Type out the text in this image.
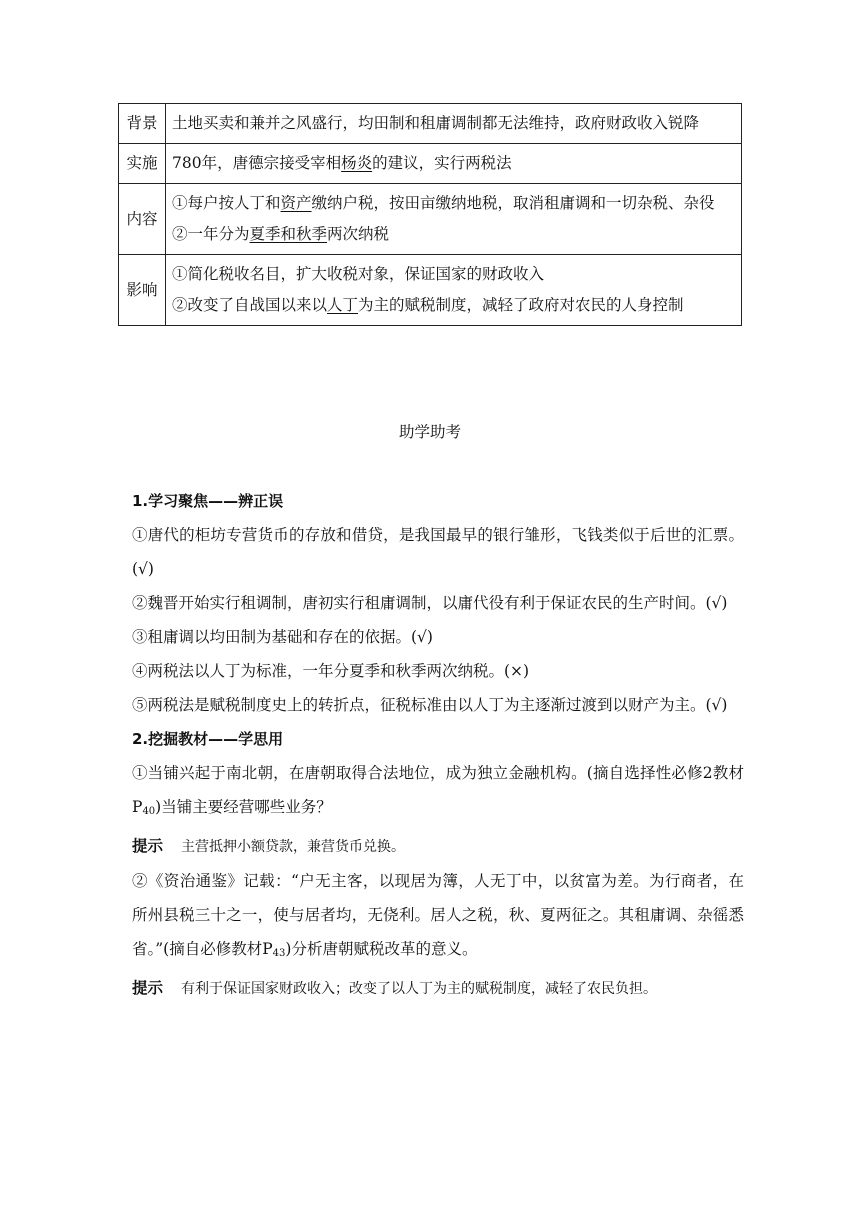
背景	土地买卖和兼并之风盛行，均田制和租庸调制都无法维持，政府财政收入锐降
实施	780年，唐德宗接受宰相杨炎的建议，实行两税法
内容	①每户按人丁和资产缴纳户税，按田亩缴纳地税，取消租庸调和一切杂税、杂役
②一年分为夏季和秋季两次纳税

影响	①简化税收名目，扩大收税对象，保证国家的财政收入
②改变了自战国以来以人丁为主的赋税制度，减轻了政府对农民的人身控制
助学助考
1.学习聚焦——辨正误
①唐代的柜坊专营货币的存放和借贷，是我国最早的银行雏形，飞钱类似于后世的汇票。(√)
②魏晋开始实行租调制，唐初实行租庸调制，以庸代役有利于保证农民的生产时间。(√)
③租庸调以均田制为基础和存在的依据。(√)
④两税法以人丁为标准，一年分夏季和秋季两次纳税。(×)
⑤两税法是赋税制度史上的转折点，征税标准由以人丁为主逐渐过渡到以财产为主。(√)
2.挖掘教材——学思用
①当铺兴起于南北朝，在唐朝取得合法地位，成为独立金融机构。(摘自选择性必修2教材$P_{40}$)当铺主要经营哪些业务？
提示 主营抵押小额贷款，兼营货币兑换。
②《资治通鉴》记载：“户无主客，以现居为簿，人无丁中，以贫富为差。为行商者，在所州县税三十之一，使与居者均，无侥利。居人之税，秋、夏两征之。其租庸调、杂徭悉省。”(摘自必修教材$P_{43}$)分析唐朝赋税改革的意义。
提示 有利于保证国家财政收入；改变了以人丁为主的赋税制度，减轻了农民负担。
